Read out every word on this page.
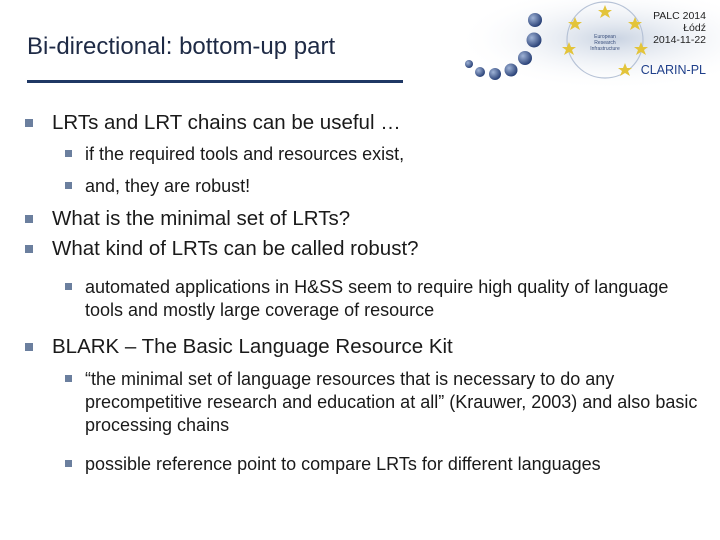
Bi-directional: bottom-up part	European
Research
Infrastructure
PALC 2014
Łódź
2014-11-22
CLARIN-PL

LRTs and LRT chains can be useful …

if the required tools and resources exist,

and, they are robust!

What is the minimal set of LRTs?

What kind of LRTs can be called robust?

automated applications in H&SS seem to require high quality of language tools and mostly large coverage of resource

BLARK – The Basic Language Resource Kit

“the minimal set of language resources that is necessary to do any precompetitive research and education at all” (Krauwer, 2003) and also basic processing chains

possible reference point to compare LRTs for different languages
